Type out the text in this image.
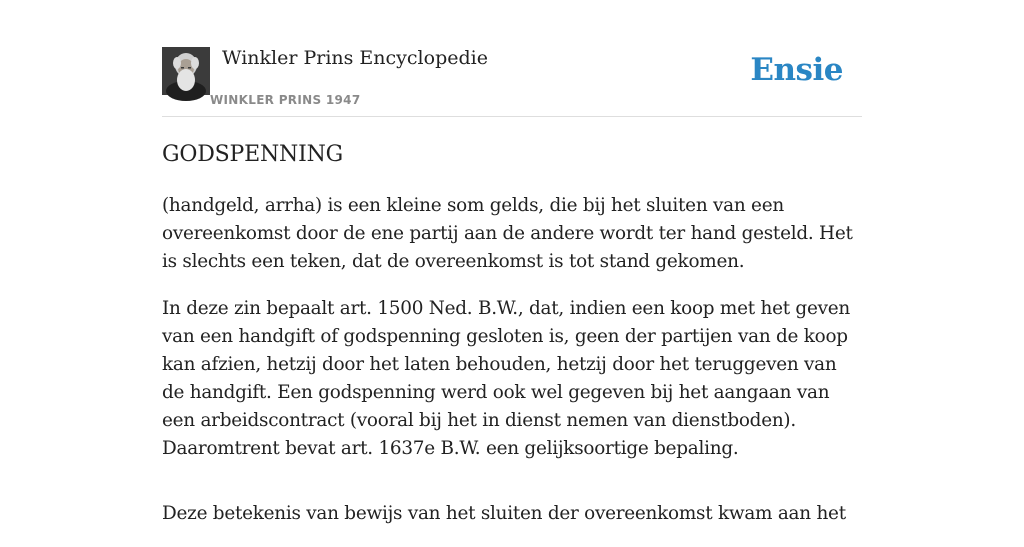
Winkler Prins Encyclopedie
WINKLER PRINS 1947
Ensie
GODSPENNING

(handgeld, arrha) is een kleine som gelds, die bij het sluiten van een overeenkomst door de ene partij aan de andere wordt ter hand gesteld. Het is slechts een teken, dat de overeenkomst is tot stand gekomen.

In deze zin bepaalt art. 1500 Ned. B.W., dat, indien een koop met het geven van een handgift of godspenning gesloten is, geen der partijen van de koop kan afzien, hetzij door het laten behouden, hetzij door het teruggeven van de handgift. Een godspenning werd ook wel gegeven bij het aangaan van een arbeidscontract (vooral bij het in dienst nemen van dienstboden). Daaromtrent bevat art. 1637e B.W. een gelijksoortige bepaling.

Deze betekenis van bewijs van het sluiten der overeenkomst kwam aan het
